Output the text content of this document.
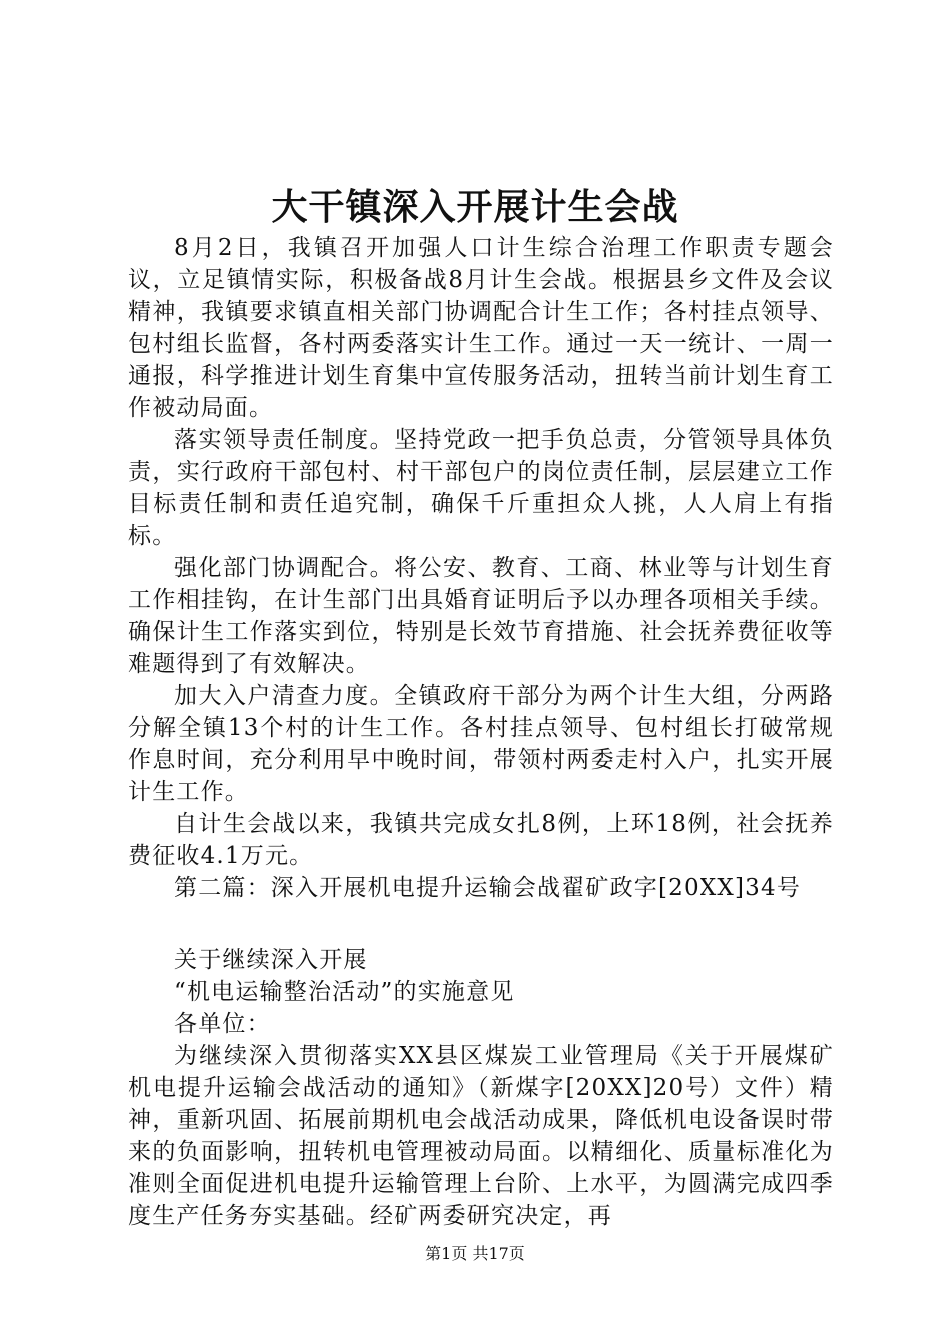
大干镇深入开展计生会战

8月2日，我镇召开加强人口计生综合治理工作职责专题会议，立足镇情实际，积极备战8月计生会战。根据县乡文件及会议精神，我镇要求镇直相关部门协调配合计生工作；各村挂点领导、包村组长监督，各村两委落实计生工作。通过一天一统计、一周一通报，科学推进计划生育集中宣传服务活动，扭转当前计划生育工作被动局面。

落实领导责任制度。坚持党政一把手负总责，分管领导具体负责，实行政府干部包村、村干部包户的岗位责任制，层层建立工作目标责任制和责任追究制，确保千斤重担众人挑，人人肩上有指标。

强化部门协调配合。将公安、教育、工商、林业等与计划生育工作相挂钩，在计生部门出具婚育证明后予以办理各项相关手续。确保计生工作落实到位，特别是长效节育措施、社会抚养费征收等难题得到了有效解决。

加大入户清查力度。全镇政府干部分为两个计生大组，分两路分解全镇13个村的计生工作。各村挂点领导、包村组长打破常规作息时间，充分利用早中晚时间，带领村两委走村入户，扎实开展计生工作。

自计生会战以来，我镇共完成女扎8例，上环18例，社会抚养费征收4.1万元。

第二篇：深入开展机电提升运输会战翟矿政字[20XX]34号

关于继续深入开展

“机电运输整治活动”的实施意见

各单位：

为继续深入贯彻落实XX县区煤炭工业管理局《关于开展煤矿机电提升运输会战活动的通知》（新煤字[20XX]20号）文件）精神，重新巩固、拓展前期机电会战活动成果，降低机电设备误时带来的负面影响，扭转机电管理被动局面。以精细化、质量标准化为准则全面促进机电提升运输管理上台阶、上水平，为圆满完成四季度生产任务夯实基础。经矿两委研究决定，再

第1页 共17页
